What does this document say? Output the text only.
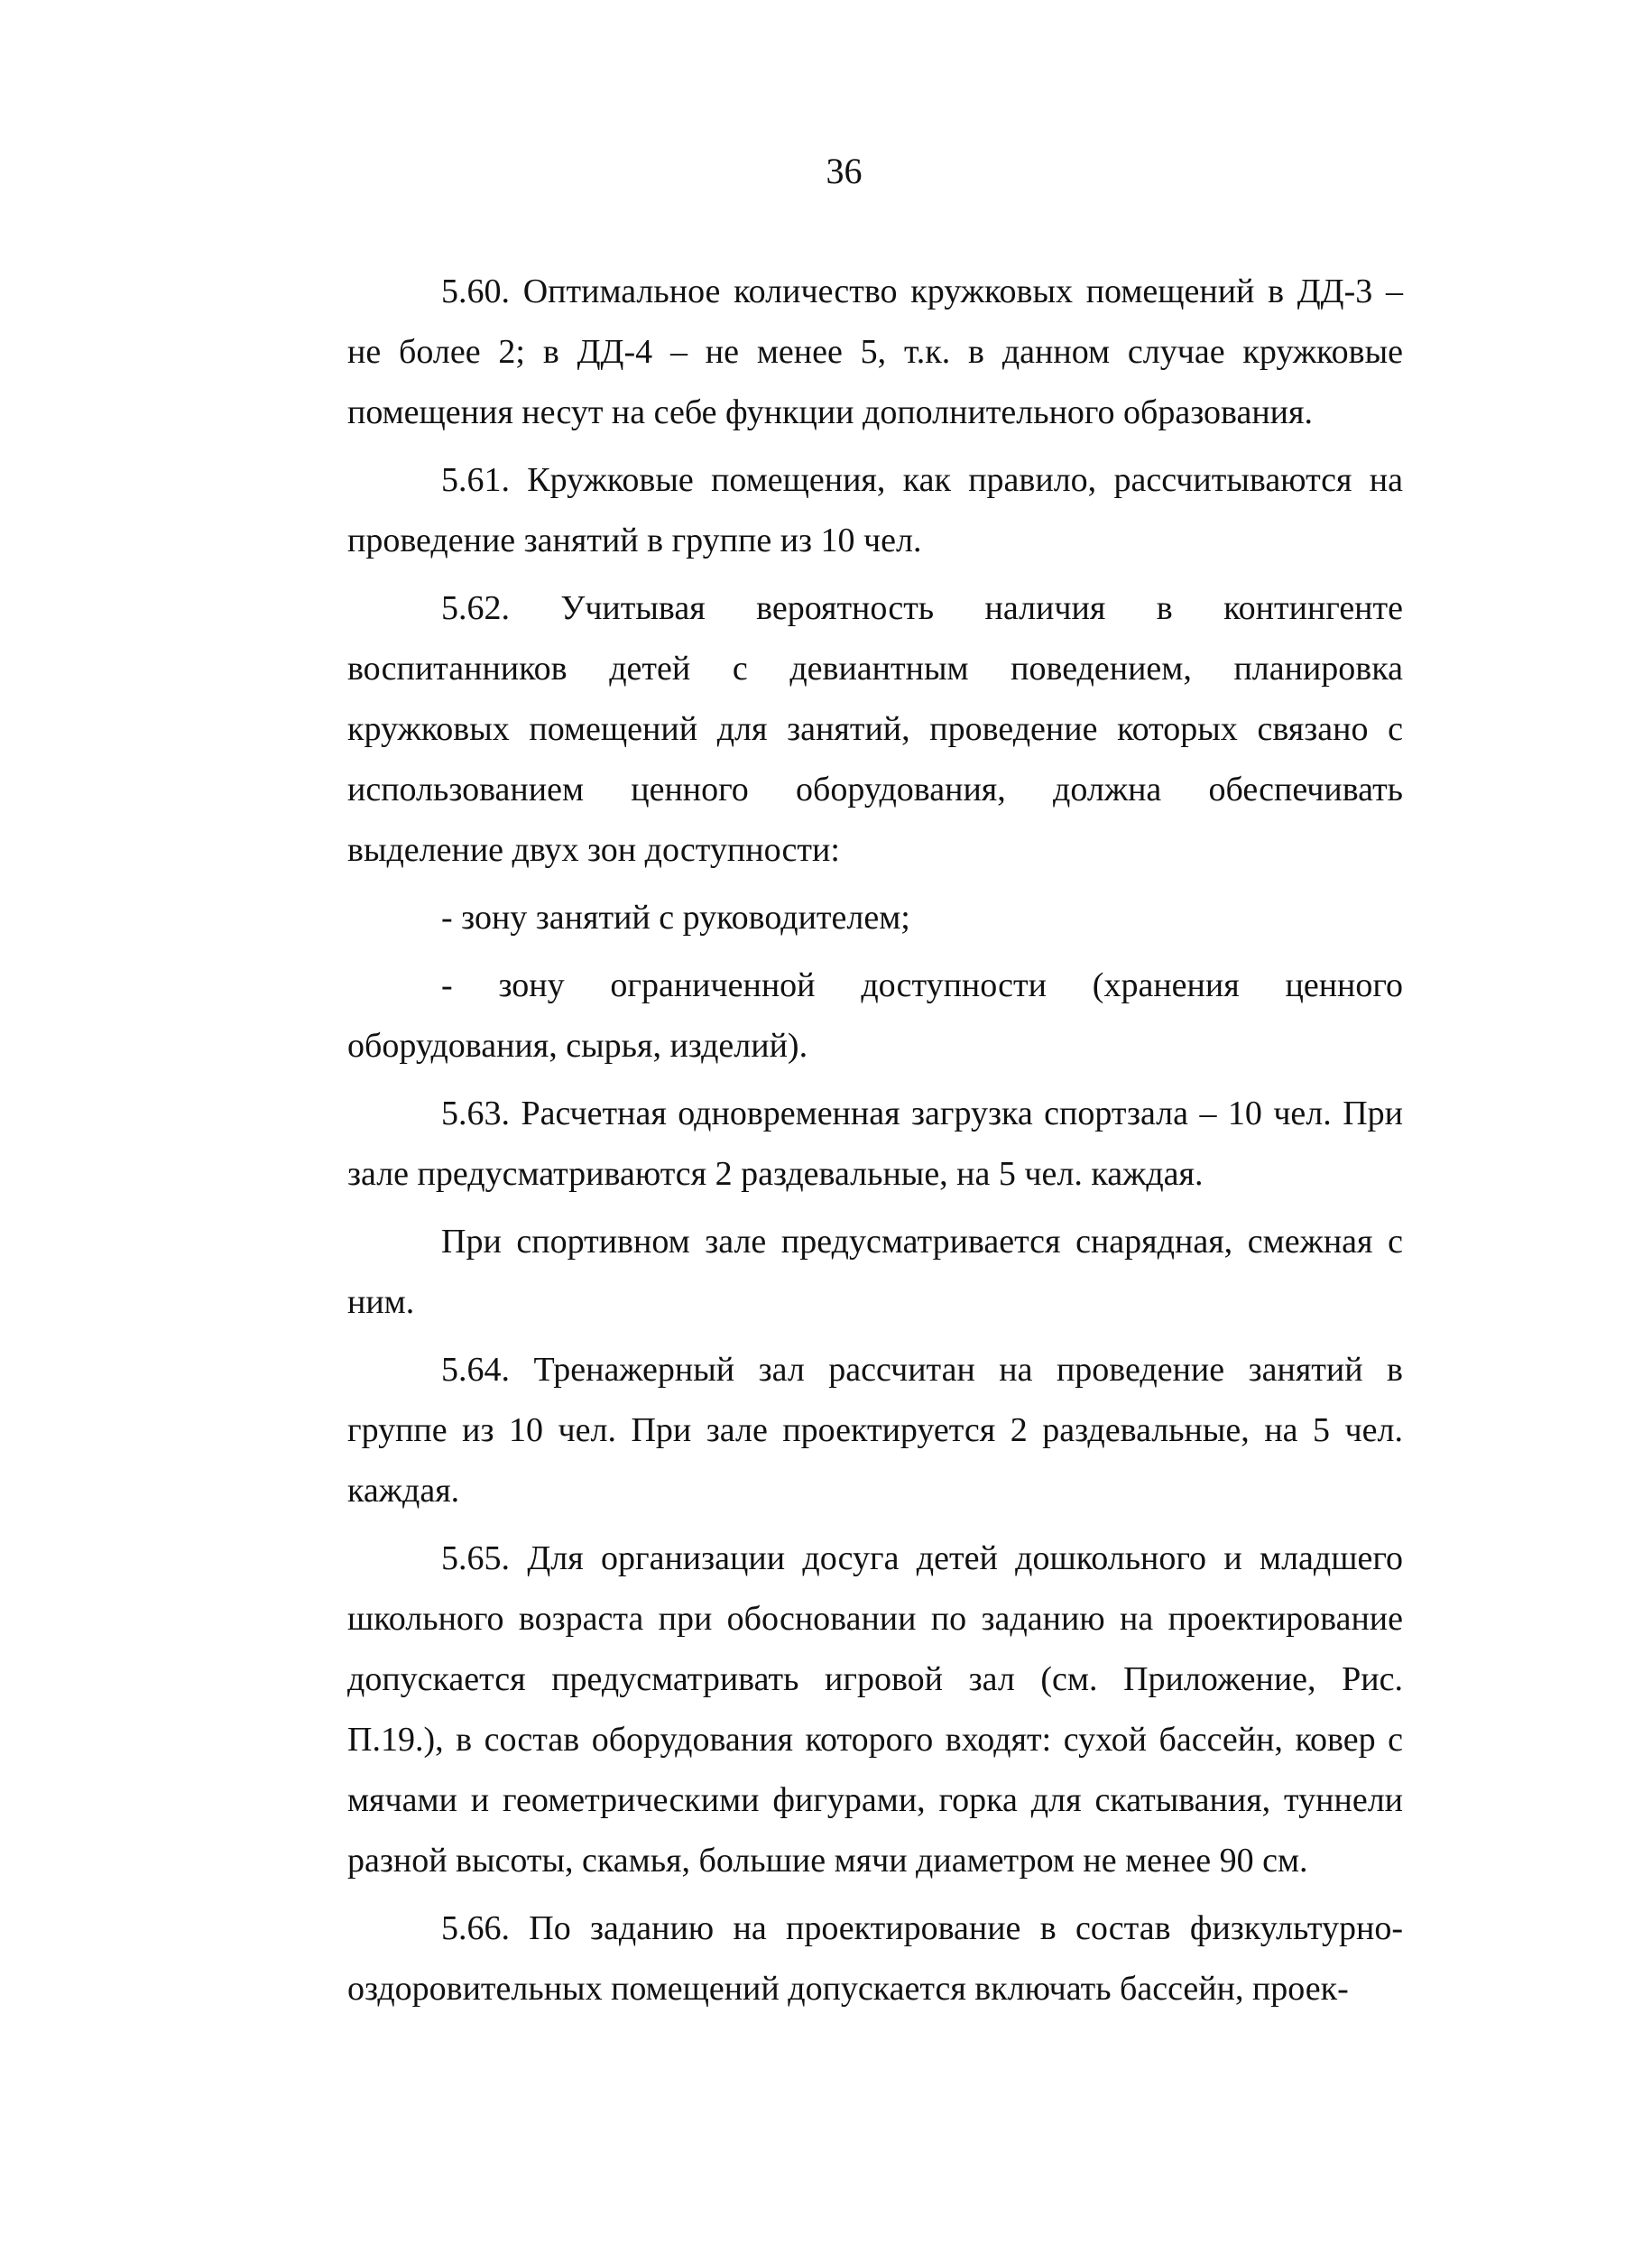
36

5.60. Оптимальное количество кружковых помещений в ДД-3 – не более 2; в ДД-4 – не менее 5, т.к. в данном случае кружковые помещения несут на себе функции дополнительного образования.

5.61. Кружковые помещения, как правило, рассчитываются на проведение занятий в группе из 10 чел.

5.62. Учитывая вероятность наличия в контингенте воспитанников детей с девиантным поведением, планировка кружковых помещений для занятий, проведение которых связано с использованием ценного оборудования, должна обеспечивать выделение двух зон доступности:

- зону занятий с руководителем;

- зону ограниченной доступности (хранения ценного оборудования, сырья, изделий).

5.63. Расчетная одновременная загрузка спортзала – 10 чел. При зале предусматриваются 2 раздевальные, на 5 чел. каждая.

При спортивном зале предусматривается снарядная, смежная с ним.

5.64. Тренажерный зал рассчитан на проведение занятий в группе из 10 чел. При зале проектируется 2 раздевальные, на 5 чел. каждая.

5.65. Для организации досуга детей дошкольного и младшего школьного возраста при обосновании по заданию на проектирование допускается предусматривать игровой зал (см. Приложение, Рис. П.19.), в состав оборудования которого входят: сухой бассейн, ковер с мячами и геометрическими фигурами, горка для скатывания, туннели разной высоты, скамья, большие мячи диаметром не менее 90 см.

5.66. По заданию на проектирование в состав физкультурно-оздоровительных помещений допускается включать бассейн, проек-
